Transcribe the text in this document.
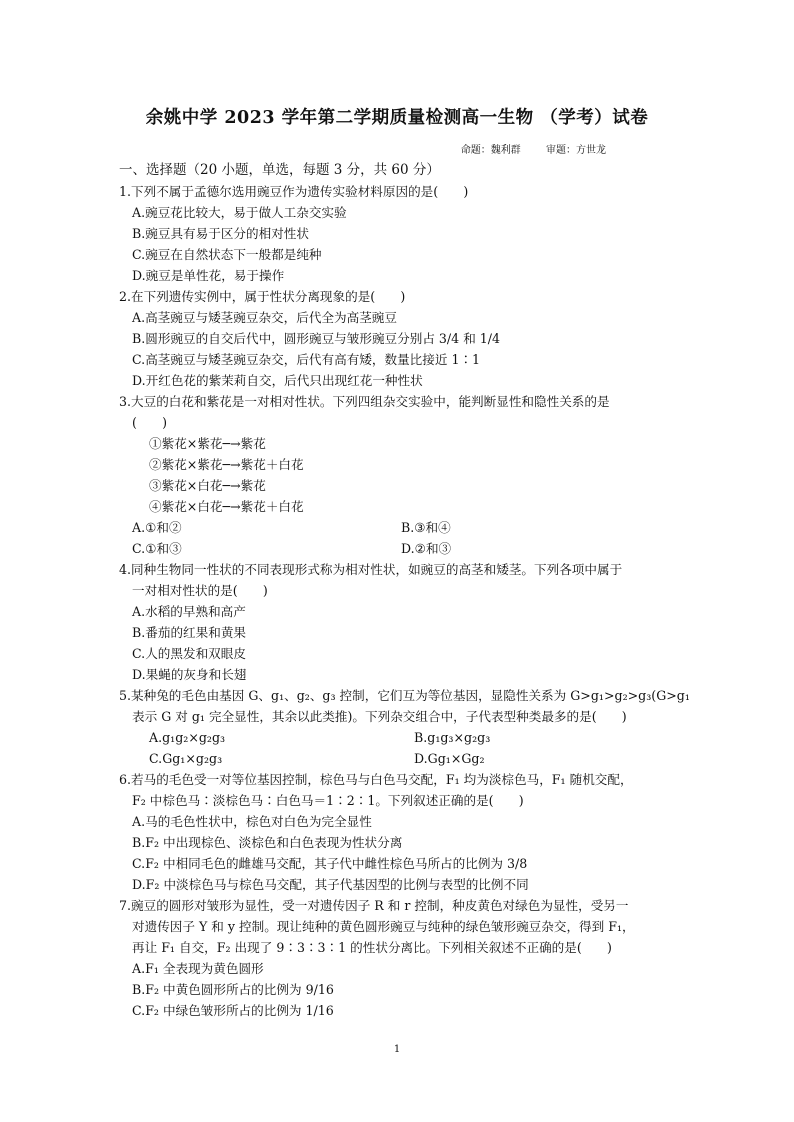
余姚中学 2023 学年第二学期质量检测高一生物 （学考）试卷
命题：魏利群	审题：方世龙
一、选择题（20 小题，单选，每题 3 分，共 60 分）
1.下列不属于孟德尔选用豌豆作为遗传实验材料原因的是(　　)
A.豌豆花比较大，易于做人工杂交实验
B.豌豆具有易于区分的相对性状
C.豌豆在自然状态下一般都是纯种
D.豌豆是单性花，易于操作
2.在下列遗传实例中，属于性状分离现象的是(　　)
A.高茎豌豆与矮茎豌豆杂交，后代全为高茎豌豆
B.圆形豌豆的自交后代中，圆形豌豆与皱形豌豆分别占 3/4 和 1/4
C.高茎豌豆与矮茎豌豆杂交，后代有高有矮，数量比接近 1∶1
D.开红色花的紫茉莉自交，后代只出现红花一种性状
3.大豆的白花和紫花是一对相对性状。下列四组杂交实验中，能判断显性和隐性关系的是
(　　)
①紫花×紫花─→紫花
②紫花×紫花─→紫花＋白花
③紫花×白花─→紫花
④紫花×白花─→紫花＋白花
A.①和②	B.③和④
C.①和③	D.②和③
4.同种生物同一性状的不同表现形式称为相对性状，如豌豆的高茎和矮茎。下列各项中属于
一对相对性状的是(　　)
A.水稻的早熟和高产
B.番茄的红果和黄果
C.人的黑发和双眼皮
D.果蝇的灰身和长翅
5.某种兔的毛色由基因 G、g₁、g₂、g₃ 控制，它们互为等位基因，显隐性关系为 G>g₁>g₂>g₃(G>g₁
表示 G 对 g₁ 完全显性，其余以此类推)。下列杂交组合中，子代表型种类最多的是(　　)
A.g₁g₂×g₂g₃	B.g₁g₃×g₂g₃
C.Gg₁×g₂g₃	D.Gg₁×Gg₂
6.若马的毛色受一对等位基因控制，棕色马与白色马交配，F₁ 均为淡棕色马，F₁ 随机交配，
F₂ 中棕色马∶淡棕色马∶白色马＝1∶2∶1。下列叙述正确的是(　　)
A.马的毛色性状中，棕色对白色为完全显性
B.F₂ 中出现棕色、淡棕色和白色表现为性状分离
C.F₂ 中相同毛色的雌雄马交配，其子代中雌性棕色马所占的比例为 3/8
D.F₂ 中淡棕色马与棕色马交配，其子代基因型的比例与表型的比例不同
7.豌豆的圆形对皱形为显性，受一对遗传因子 R 和 r 控制，种皮黄色对绿色为显性，受另一
对遗传因子 Y 和 y 控制。现让纯种的黄色圆形豌豆与纯种的绿色皱形豌豆杂交，得到 F₁，
再让 F₁ 自交，F₂ 出现了 9∶3∶3∶1 的性状分离比。下列相关叙述不正确的是(　　)
A.F₁ 全表现为黄色圆形
B.F₂ 中黄色圆形所占的比例为 9/16
C.F₂ 中绿色皱形所占的比例为 1/16
1
